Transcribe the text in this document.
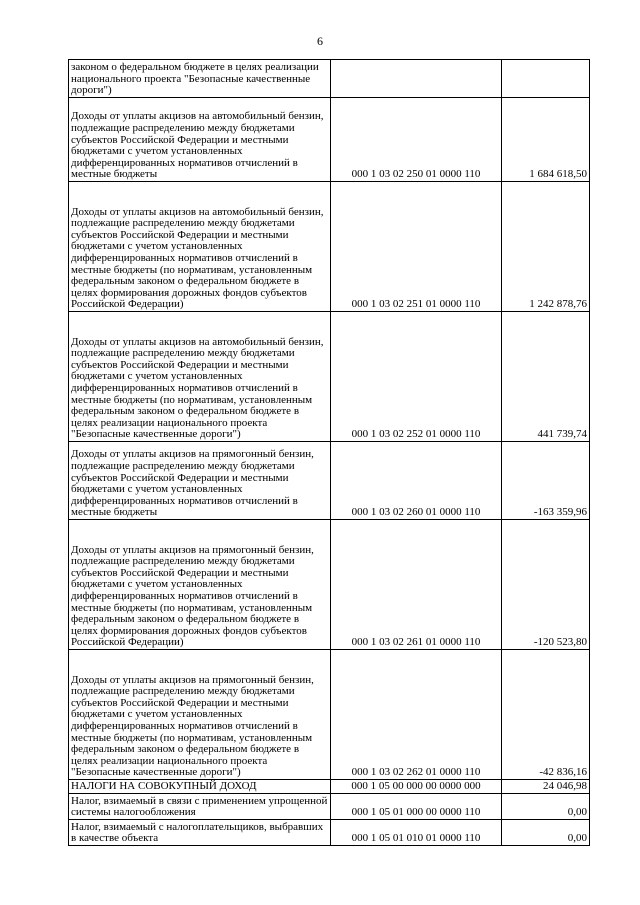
6
законом о федеральном бюджете в целях реализации национального проекта "Безопасные качественные дороги")		

Доходы от уплаты акцизов на автомобильный бензин, подлежащие распределению между бюджетами субъектов Российской Федерации и местными бюджетами с учетом установленных дифференцированных нормативов отчислений в местные бюджеты	000 1 03 02 250 01 0000 110	1 684 618,50

Доходы от уплаты акцизов на автомобильный бензин, подлежащие распределению между бюджетами субъектов Российской Федерации и местными бюджетами с учетом установленных дифференцированных нормативов отчислений в местные бюджеты (по нормативам, установленным федеральным законом о федеральном бюджете в целях формирования дорожных фондов субъектов Российской Федерации)	000 1 03 02 251 01 0000 110	1 242 878,76

Доходы от уплаты акцизов на автомобильный бензин, подлежащие распределению между бюджетами субъектов Российской Федерации и местными бюджетами с учетом установленных дифференцированных нормативов отчислений в местные бюджеты (по нормативам, установленным федеральным законом о федеральном бюджете в целях реализации национального проекта "Безопасные качественные дороги")	000 1 03 02 252 01 0000 110	441 739,74

Доходы от уплаты акцизов на прямогонный бензин, подлежащие распределению между бюджетами субъектов Российской Федерации и местными бюджетами с учетом установленных дифференцированных нормативов отчислений в местные бюджеты	000 1 03 02 260 01 0000 110	-163 359,96

Доходы от уплаты акцизов на прямогонный бензин, подлежащие распределению между бюджетами субъектов Российской Федерации и местными бюджетами с учетом установленных дифференцированных нормативов отчислений в местные бюджеты (по нормативам, установленным федеральным законом о федеральном бюджете в целях формирования дорожных фондов субъектов Российской Федерации)	000 1 03 02 261 01 0000 110	-120 523,80

Доходы от уплаты акцизов на прямогонный бензин, подлежащие распределению между бюджетами субъектов Российской Федерации и местными бюджетами с учетом установленных дифференцированных нормативов отчислений в местные бюджеты (по нормативам, установленным федеральным законом о федеральном бюджете в целях реализации национального проекта "Безопасные качественные дороги")	000 1 03 02 262 01 0000 110	-42 836,16

НАЛОГИ НА СОВОКУПНЫЙ ДОХОД	000 1 05 00 000 00 0000 000	24 046,98

Налог, взимаемый в связи с применением упрощенной системы налогообложения	000 1 05 01 000 00 0000 110	0,00

Налог, взимаемый с налогоплательщиков, выбравших в качестве объекта	000 1 05 01 010 01 0000 110	0,00
